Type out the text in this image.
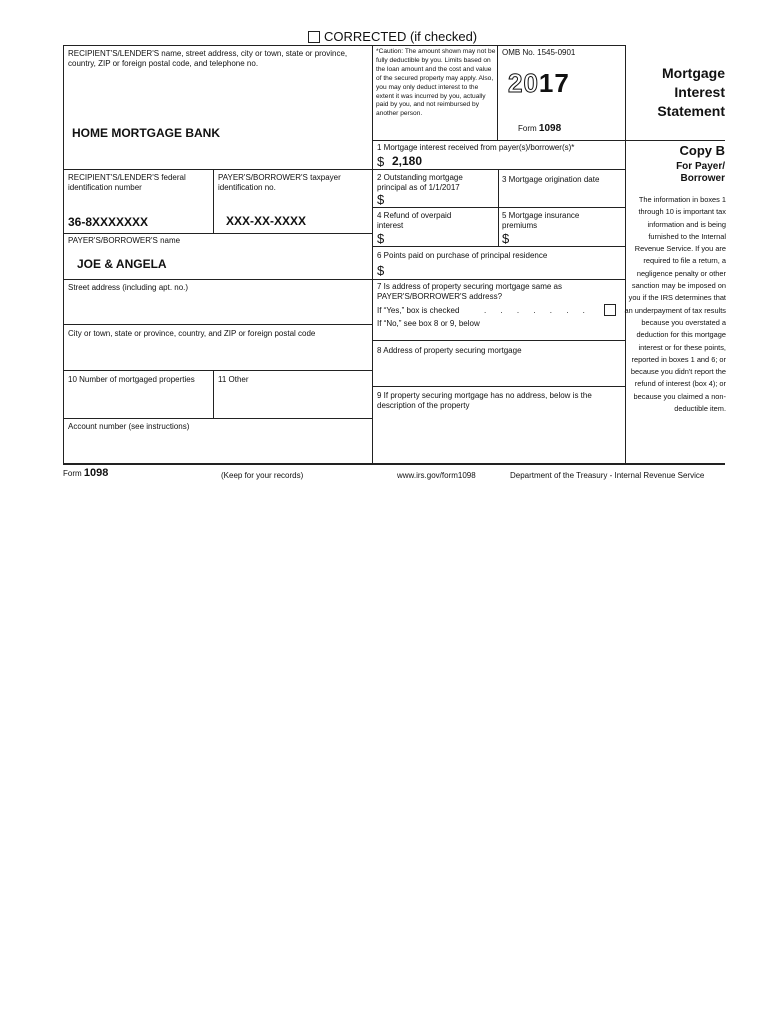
CORRECTED (if checked)
RECIPIENT'S/LENDER'S name, street address, city or town, state or province, country, ZIP or foreign postal code, and telephone no.
HOME MORTGAGE BANK
*Caution: The amount shown may not be fully deductible by you. Limits based on the loan amount and the cost and value of the secured property may apply. Also, you may only deduct interest to the extent it was incurred by you, actually paid by you, and not reimbursed by another person.
OMB No. 1545-0901
2017
Form 1098
Mortgage
Interest
Statement
Copy B
For Payer/
Borrower
The information in boxes 1 through 10 is important tax information and is being furnished to the Internal Revenue Service. If you are required to file a return, a negligence penalty or other sanction may be imposed on you if the IRS determines that an underpayment of tax results because you overstated a deduction for this mortgage interest or for these points, reported in boxes 1 and 6; or because you didn't report the refund of interest (box 4); or because you claimed a non-deductible item.
RECIPIENT'S/LENDER'S federal identification number
36-8XXXXXXX
PAYER'S/BORROWER'S taxpayer identification no.
XXX-XX-XXXX
PAYER'S/BORROWER'S name
JOE & ANGELA
Street address (including apt. no.)
City or town, state or province, country, and ZIP or foreign postal code
10 Number of mortgaged properties	11 Other
Account number (see instructions)
1 Mortgage interest received from payer(s)/borrower(s)*
$ 2,180
2 Outstanding mortgage principal as of 1/1/2017
$
3 Mortgage origination date
4 Refund of overpaid interest
$
5 Mortgage insurance premiums
$
6 Points paid on purchase of principal residence
$
7 Is address of property securing mortgage same as PAYER'S/BORROWER'S address?
If “Yes,” box is checked	. . . . . . .
If “No,” see box 8 or 9, below
8 Address of property securing mortgage
9 If property securing mortgage has no address, below is the description of the property
Form 1098	(Keep for your records)	www.irs.gov/form1098	Department of the Treasury - Internal Revenue Service
